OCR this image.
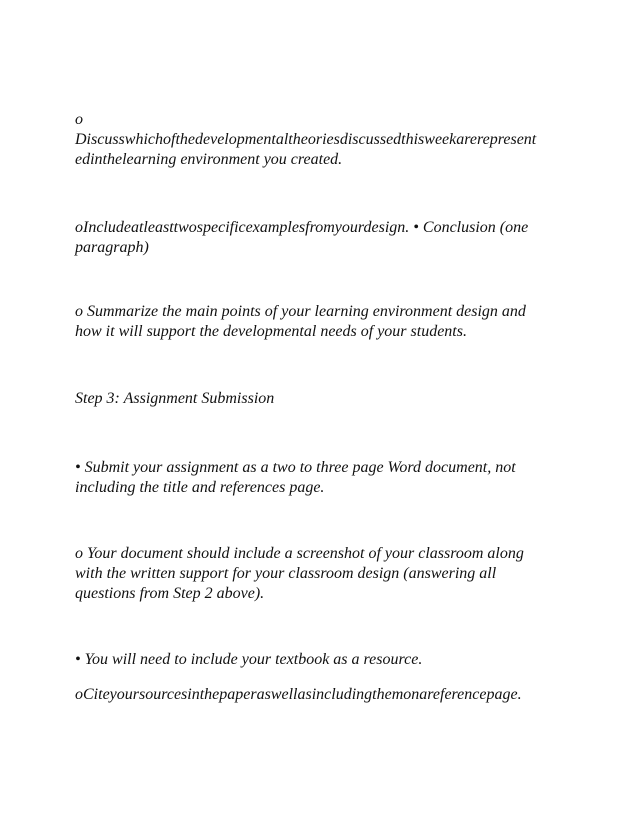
o
Discusswhichofthedevelopmentaltheoriesdiscussedthisweekarerepresent
edinthelearning environment you created.

oIncludeatleasttwospecificexamplesfromyourdesign. • Conclusion (one
paragraph)

o Summarize the main points of your learning environment design and
how it will support the developmental needs of your students.

Step 3: Assignment Submission

• Submit your assignment as a two to three page Word document, not
including the title and references page.

o Your document should include a screenshot of your classroom along
with the written support for your classroom design (answering all
questions from Step 2 above).

• You will need to include your textbook as a resource.

oCiteyoursourcesinthepaperaswellasincludingthemonareferencepage.
